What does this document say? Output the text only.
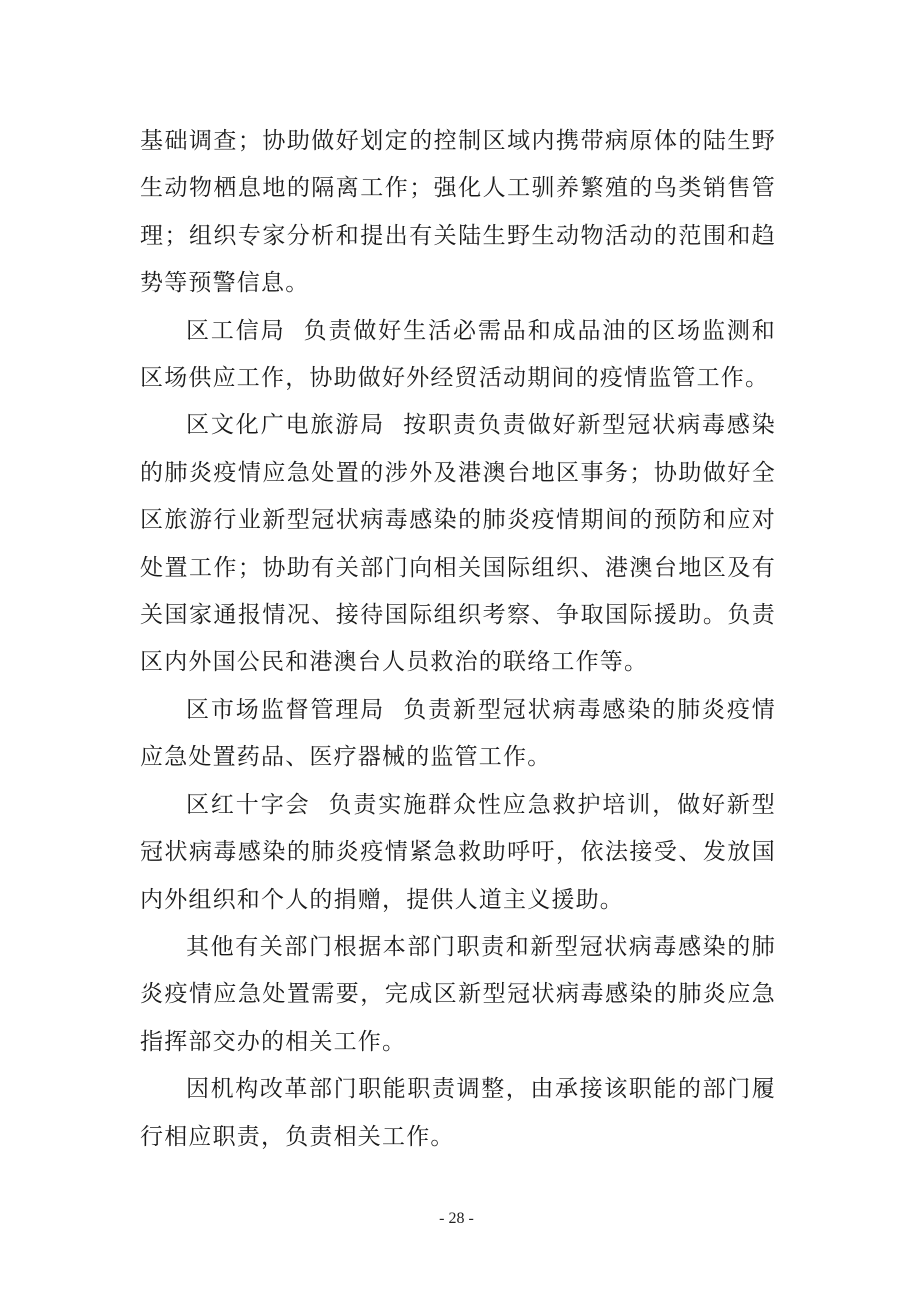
基础调查；协助做好划定的控制区域内携带病原体的陆生野生动物栖息地的隔离工作；强化人工驯养繁殖的鸟类销售管理；组织专家分析和提出有关陆生野生动物活动的范围和趋势等预警信息。

区工信局 负责做好生活必需品和成品油的区场监测和区场供应工作，协助做好外经贸活动期间的疫情监管工作。

区文化广电旅游局 按职责负责做好新型冠状病毒感染的肺炎疫情应急处置的涉外及港澳台地区事务；协助做好全区旅游行业新型冠状病毒感染的肺炎疫情期间的预防和应对处置工作；协助有关部门向相关国际组织、港澳台地区及有关国家通报情况、接待国际组织考察、争取国际援助。负责区内外国公民和港澳台人员救治的联络工作等。

区市场监督管理局 负责新型冠状病毒感染的肺炎疫情应急处置药品、医疗器械的监管工作。

区红十字会 负责实施群众性应急救护培训，做好新型冠状病毒感染的肺炎疫情紧急救助呼吁，依法接受、发放国内外组织和个人的捐赠，提供人道主义援助。

其他有关部门根据本部门职责和新型冠状病毒感染的肺炎疫情应急处置需要，完成区新型冠状病毒感染的肺炎应急指挥部交办的相关工作。

因机构改革部门职能职责调整，由承接该职能的部门履行相应职责，负责相关工作。

- 28 -
